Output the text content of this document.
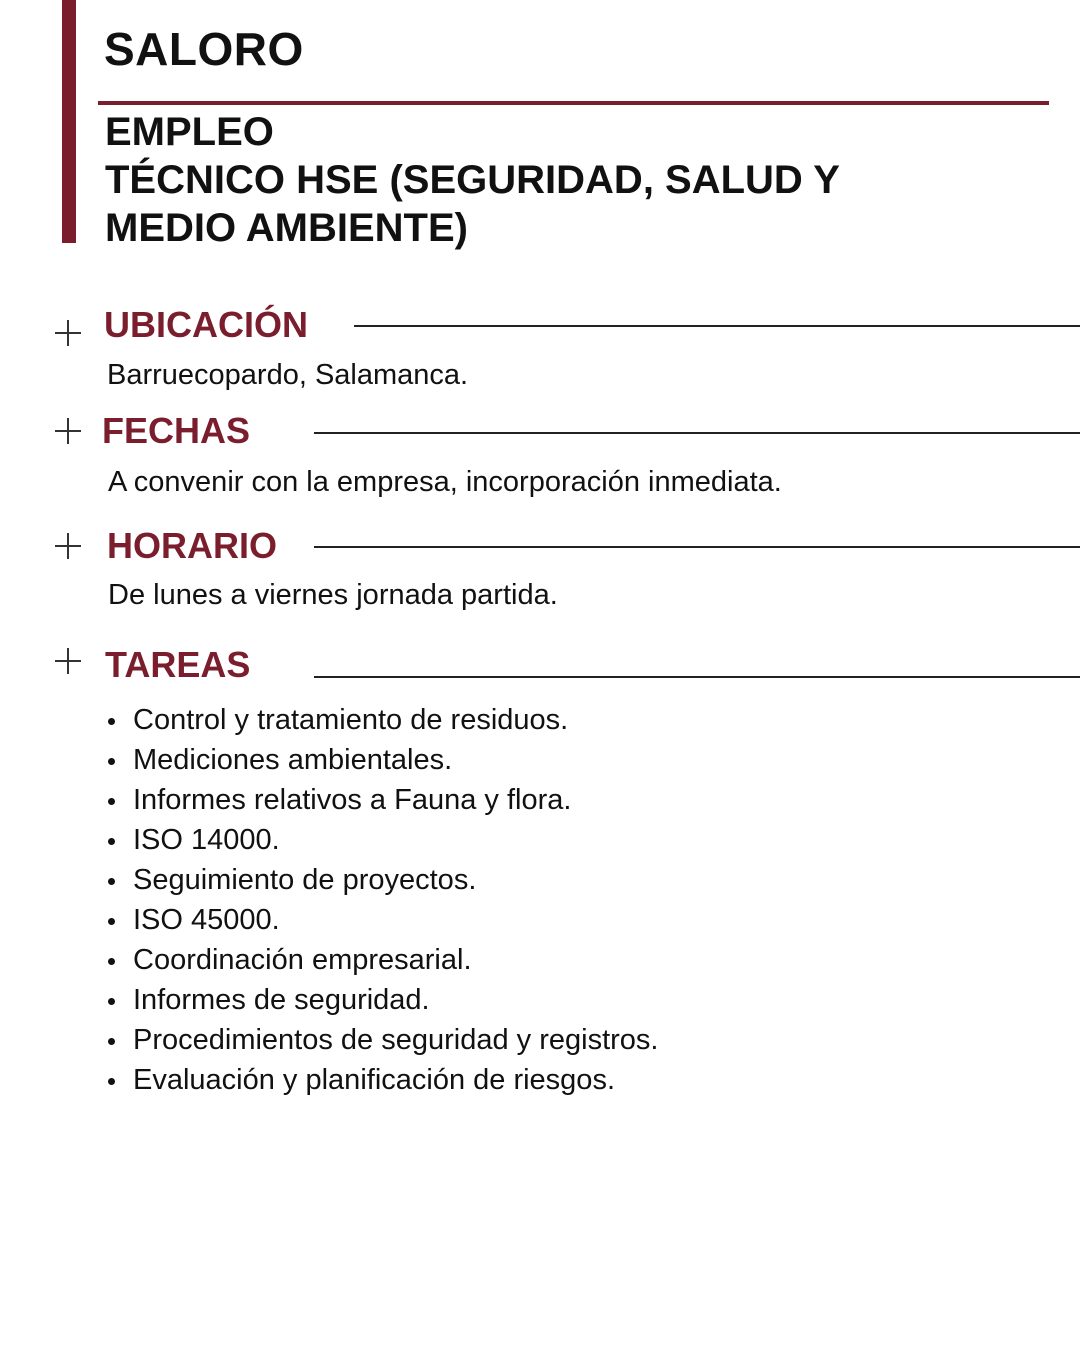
SALORO
EMPLEO
TÉCNICO HSE (SEGURIDAD, SALUD Y
MEDIO AMBIENTE)
UBICACIÓN

Barruecopardo, Salamanca.

FECHAS

A convenir con la empresa, incorporación inmediata.

HORARIO

De lunes a viernes jornada partida.

TAREAS
Control y tratamiento de residuos.
Mediciones ambientales.
Informes relativos a Fauna y flora.
ISO 14000.
Seguimiento de proyectos.
ISO 45000.
Coordinación empresarial.
Informes de seguridad.
Procedimientos de seguridad y registros.
Evaluación y planificación de riesgos.
